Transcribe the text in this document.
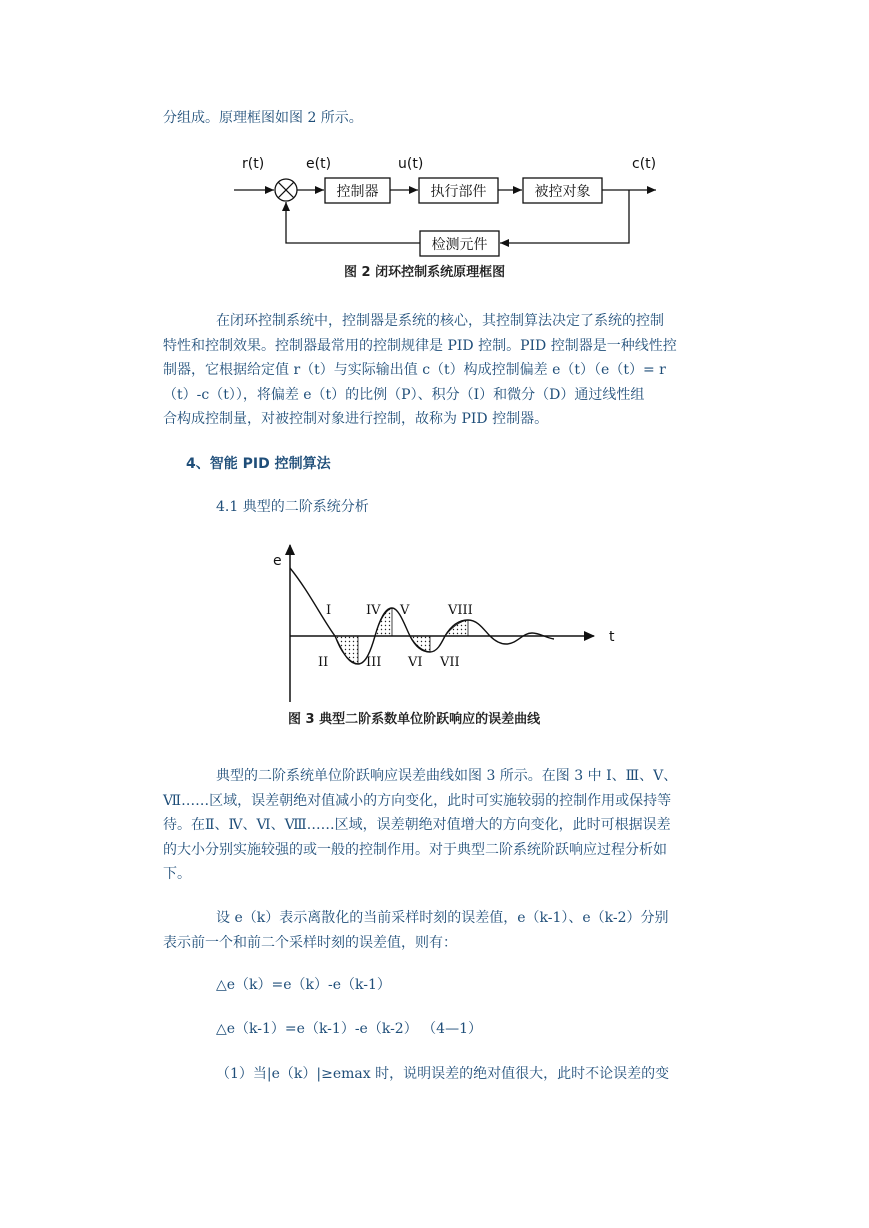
分组成。原理框图如图 2 所示。
r(t)	e(t)	u(t)	c(t)
控制器	执行部件	被控对象
检测元件
图 2 闭环控制系统原理框图
在闭环控制系统中，控制器是系统的核心，其控制算法决定了系统的控制
特性和控制效果。控制器最常用的控制规律是 PID 控制。PID 控制器是一种线性控
制器，它根据给定值 r（t）与实际输出值 c（t）构成控制偏差 e（t）（e（t）= r
（t）-c（t）），将偏差 e（t）的比例（P）、积分（I）和微分（D）通过线性组
合构成控制量，对被控制对象进行控制，故称为 PID 控制器。
4、智能 PID 控制算法
4.1 典型的二阶系统分析
e
t
I
II	III
IV V
VI VII
VIII
图 3 典型二阶系数单位阶跃响应的误差曲线
典型的二阶系统单位阶跃响应误差曲线如图 3 所示。在图 3 中 Ⅰ、Ⅲ、Ⅴ、
Ⅶ……区域，误差朝绝对值减小的方向变化，此时可实施较弱的控制作用或保持等
待。在Ⅱ、Ⅳ、Ⅵ、Ⅷ……区域，误差朝绝对值增大的方向变化，此时可根据误差
的大小分别实施较强的或一般的控制作用。对于典型二阶系统阶跃响应过程分析如
下。
设 e（k）表示离散化的当前采样时刻的误差值，e（k-1）、e（k-2）分别
表示前一个和前二个采样时刻的误差值，则有：
△e（k）=e（k）-e（k-1）
△e（k-1）=e（k-1）-e（k-2） （4—1）
（1）当|e（k）|≥emax 时，说明误差的绝对值很大，此时不论误差的变
